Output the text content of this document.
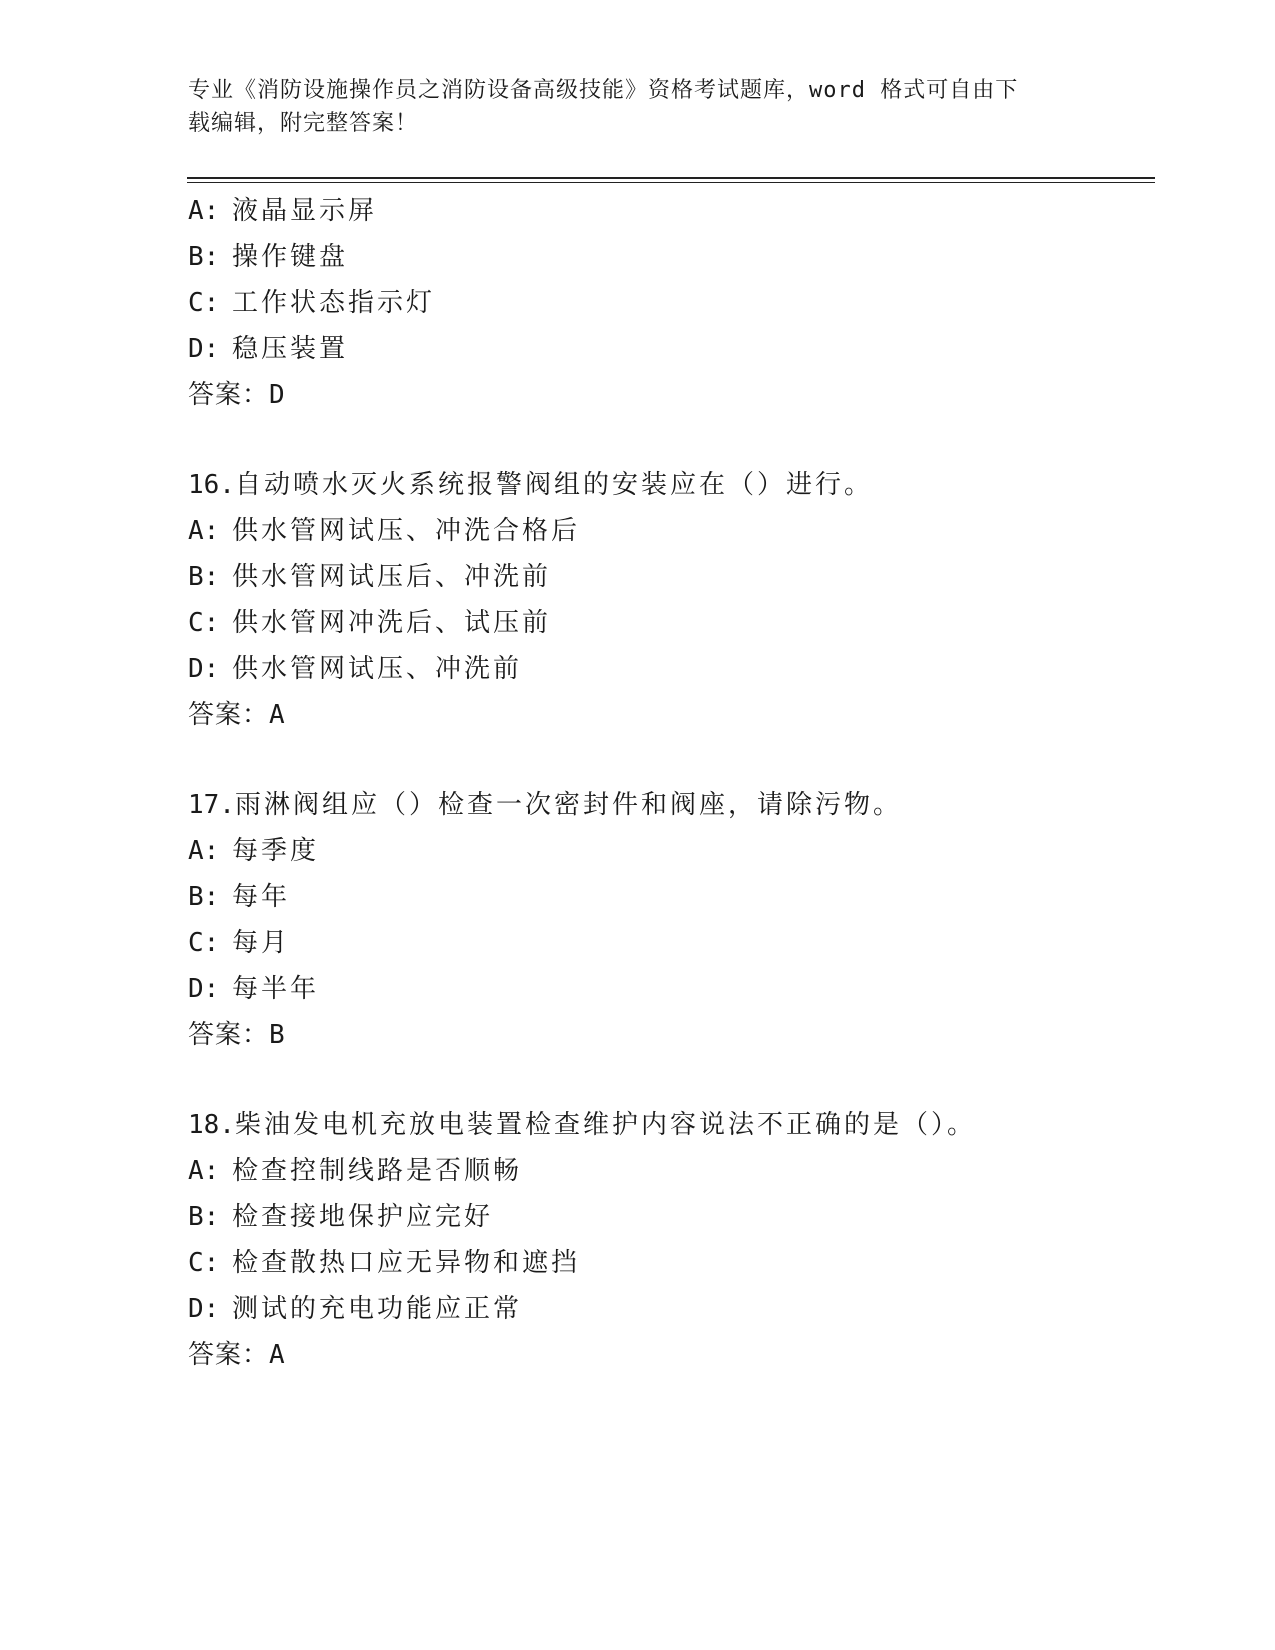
专业《消防设施操作员之消防设备高级技能》资格考试题库，word 格式可自由下
载编辑，附完整答案！
A: 液晶显示屏
B: 操作键盘
C: 工作状态指示灯
D: 稳压装置
答案：D
16.自动喷水灭火系统报警阀组的安装应在（）进行。
A: 供水管网试压、冲洗合格后
B: 供水管网试压后、冲洗前
C: 供水管网冲洗后、试压前
D: 供水管网试压、冲洗前
答案：A
17.雨淋阀组应（）检查一次密封件和阀座，请除污物。
A: 每季度
B: 每年
C: 每月
D: 每半年
答案：B
18.柴油发电机充放电装置检查维护内容说法不正确的是（）。
A: 检查控制线路是否顺畅
B: 检查接地保护应完好
C: 检查散热口应无异物和遮挡
D: 测试的充电功能应正常
答案：A
